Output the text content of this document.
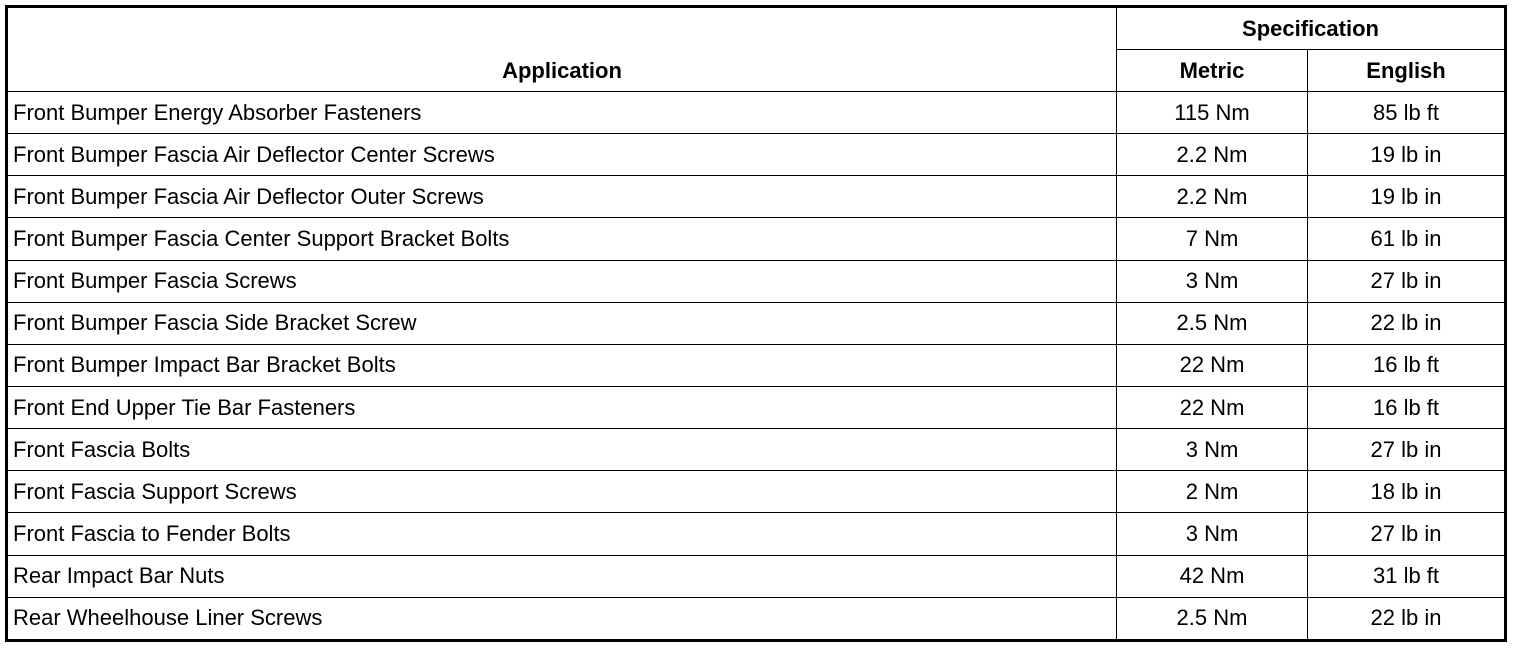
Application	Specification	
	Metric	English
Front Bumper Energy Absorber Fasteners	115 Nm	85 lb ft
Front Bumper Fascia Air Deflector Center Screws	2.2 Nm	19 lb in
Front Bumper Fascia Air Deflector Outer Screws	2.2 Nm	19 lb in
Front Bumper Fascia Center Support Bracket Bolts	7 Nm	61 lb in
Front Bumper Fascia Screws	3 Nm	27 lb in
Front Bumper Fascia Side Bracket Screw	2.5 Nm	22 lb in
Front Bumper Impact Bar Bracket Bolts	22 Nm	16 lb ft
Front End Upper Tie Bar Fasteners	22 Nm	16 lb ft
Front Fascia Bolts	3 Nm	27 lb in
Front Fascia Support Screws	2 Nm	18 lb in
Front Fascia to Fender Bolts	3 Nm	27 lb in
Rear Impact Bar Nuts	42 Nm	31 lb ft
Rear Wheelhouse Liner Screws	2.5 Nm	22 lb in
